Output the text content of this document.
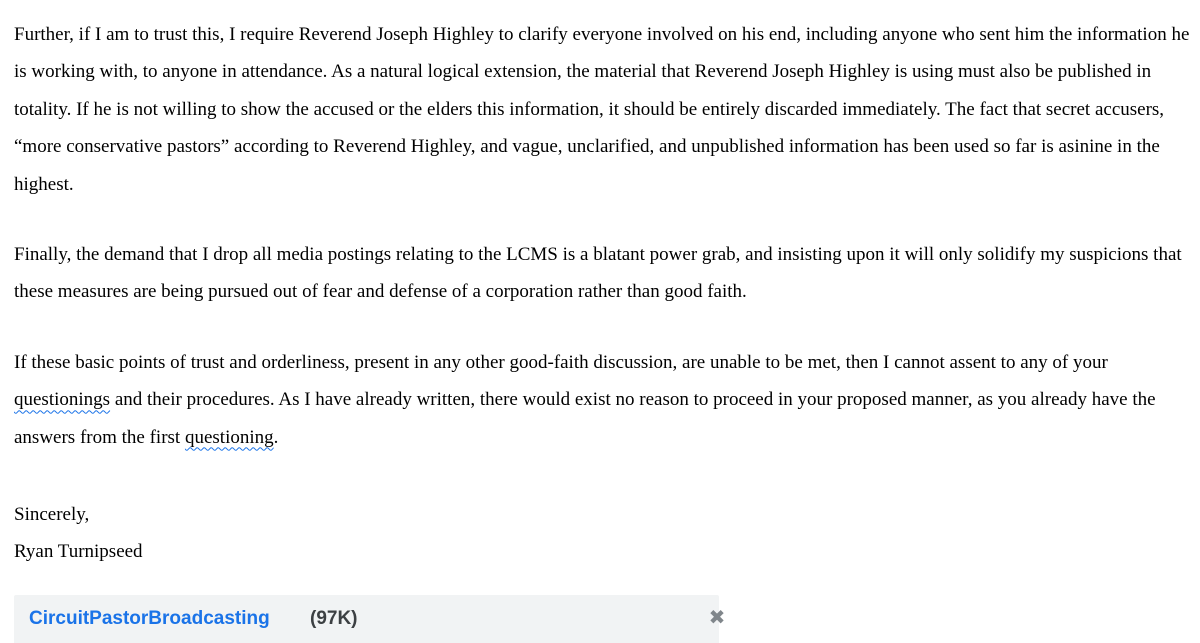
Further, if I am to trust this, I require Reverend Joseph Highley to clarify everyone involved on his end, including anyone who sent him the information he is working with, to anyone in attendance. As a natural logical extension, the material that Reverend Joseph Highley is using must also be published in totality. If he is not willing to show the accused or the elders this information, it should be entirely discarded immediately. The fact that secret accusers, “more conservative pastors” according to Reverend Highley, and vague, unclarified, and unpublished information has been used so far is asinine in the highest.

Finally, the demand that I drop all media postings relating to the LCMS is a blatant power grab, and insisting upon it will only solidify my suspicions that these measures are being pursued out of fear and defense of a corporation rather than good faith.

If these basic points of trust and orderliness, present in any other good-faith discussion, are unable to be met, then I cannot assent to any of your questionings and their procedures. As I have already written, there would exist no reason to proceed in your proposed manner, as you already have the answers from the first questioning.

Sincerely,

Ryan Turnipseed

CircuitPastorBroadcasting (97K)	✖
